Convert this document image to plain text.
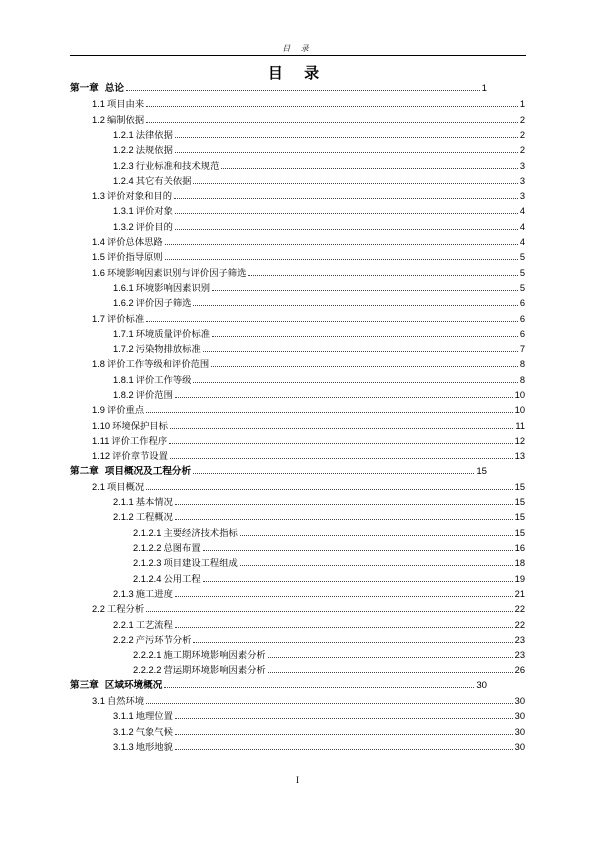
目 录
目 录
第一章 总论	1
1.1 项目由来	1
1.2 编制依据	2
1.2.1 法律依据	2
1.2.2 法规依据	2
1.2.3 行业标准和技术规范	3
1.2.4 其它有关依据	3
1.3 评价对象和目的	3
1.3.1 评价对象	4
1.3.2 评价目的	4
1.4 评价总体思路	4
1.5 评价指导原则	5
1.6 环境影响因素识别与评价因子筛选	5
1.6.1 环境影响因素识别	5
1.6.2 评价因子筛选	6
1.7 评价标准	6
1.7.1 环境质量评价标准	6
1.7.2 污染物排放标准	7
1.8 评价工作等级和评价范围	8
1.8.1 评价工作等级	8
1.8.2 评价范围	10
1.9 评价重点	10
1.10 环境保护目标	11
1.11 评价工作程序	12
1.12 评价章节设置	13
第二章 项目概况及工程分析	15
2.1 项目概况	15
2.1.1 基本情况	15
2.1.2 工程概况	15
2.1.2.1 主要经济技术指标	15
2.1.2.2 总图布置	16
2.1.2.3 项目建设工程组成	18
2.1.2.4 公用工程	19
2.1.3 施工进度	21
2.2 工程分析	22
2.2.1 工艺流程	22
2.2.2 产污环节分析	23
2.2.2.1 施工期环境影响因素分析	23
2.2.2.2 营运期环境影响因素分析	26
第三章 区域环境概况	30
3.1 自然环境	30
3.1.1 地理位置	30
3.1.2 气象气候	30
3.1.3 地形地貌	30
I
